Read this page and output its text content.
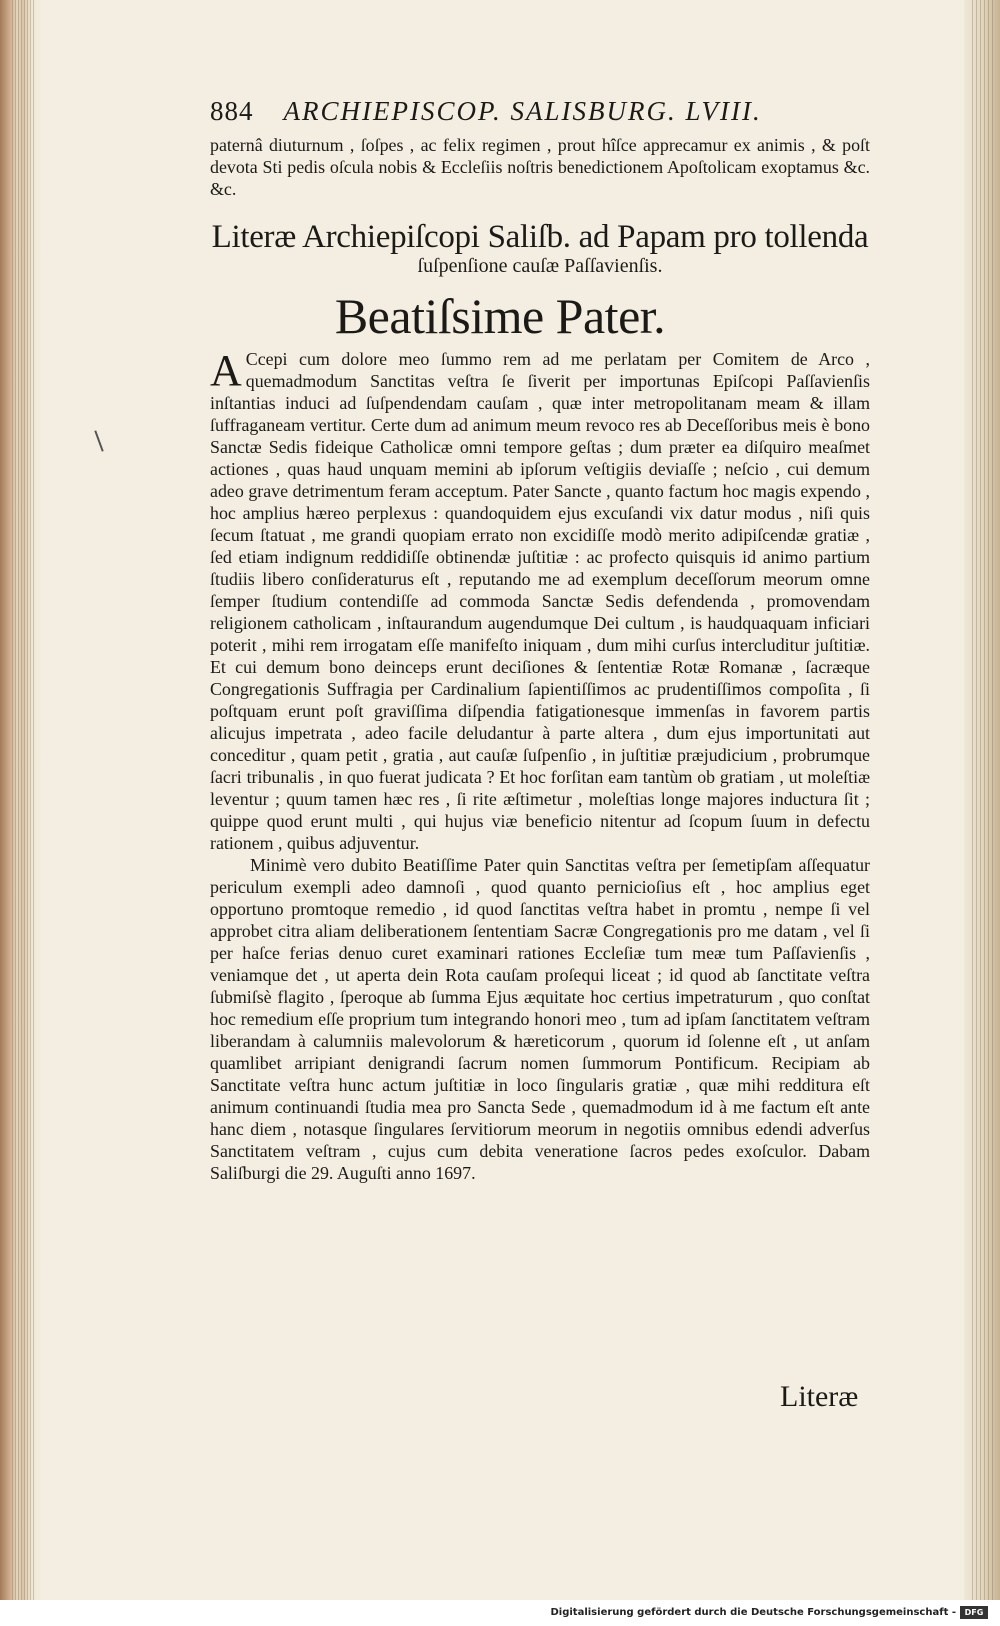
884 ARCHIEPISCOP. SALISBURG. LVIII.

paternâ diuturnum , ſoſpes , ac felix regimen , prout hîſce apprecamur ex animis , & poſt devota Sti pedis oſcula nobis & Eccleſiis noſtris benedictionem Apoſtolicam exoptamus &c. &c.

Literæ Archiepiſcopi Saliſb. ad Papam pro tollenda
ſuſpenſione cauſæ Paſſavienſis.
Beatiſsime Pater.

A Ccepi cum dolore meo ſummo rem ad me perlatam per Comitem de Arco , quemadmodum Sanctitas veſtra ſe ſiverit per importunas Epiſcopi Paſſavienſis inſtantias induci ad ſuſpendendam cauſam , quæ inter metropolitanam meam & illam ſuffraganeam vertitur. Certe dum ad animum meum revoco res ab Deceſſoribus meis è bono Sanctæ Sedis fideique Catholicæ omni tempore geſtas ; dum præter ea diſquiro meaſmet actiones , quas haud unquam memini ab ipſorum veſtigiis deviaſſe ; neſcio , cui demum adeo grave detrimentum feram acceptum. Pater Sancte , quanto factum hoc magis expendo , hoc amplius hæreo perplexus : quandoquidem ejus excuſandi vix datur modus , niſi quis ſecum ſtatuat , me grandi quopiam errato non excidiſſe modò merito adipiſcendæ gratiæ , ſed etiam indignum reddidiſſe obtinendæ juſtitiæ : ac profecto quisquis id animo partium ſtudiis libero conſideraturus eſt , reputando me ad exemplum deceſſorum meorum omne ſemper ſtudium contendiſſe ad commoda Sanctæ Sedis defendenda , promovendam religionem catholicam , inſtaurandum augendumque Dei cultum , is haudquaquam inficiari poterit , mihi rem irrogatam eſſe manifeſto iniquam , dum mihi curſus intercluditur juſtitiæ. Et cui demum bono deinceps erunt deciſiones & ſententiæ Rotæ Romanæ , ſacræque Congregationis Suffragia per Cardinalium ſapientiſſimos ac prudentiſſimos compoſita , ſi poſtquam erunt poſt graviſſima diſpendia fatigationesque immenſas in favorem partis alicujus impetrata , adeo facile deludantur à parte altera , dum ejus importunitati aut conceditur , quam petit , gratia , aut cauſæ ſuſpenſio , in juſtitiæ præjudicium , probrumque ſacri tribunalis , in quo fuerat judicata ? Et hoc forſitan eam tantùm ob gratiam , ut moleſtiæ leventur ; quum tamen hæc res , ſi rite æſtimetur , moleſtias longe majores inductura ſit ; quippe quod erunt multi , qui hujus viæ beneficio nitentur ad ſcopum ſuum in defectu rationem , quibus adjuventur.

Minimè vero dubito Beatiſſime Pater quin Sanctitas veſtra per ſemetipſam aſſequatur periculum exempli adeo damnoſi , quod quanto pernicioſius eſt , hoc amplius eget opportuno promtoque remedio , id quod ſanctitas veſtra habet in promtu , nempe ſi vel approbet citra aliam deliberationem ſententiam Sacræ Congregationis pro me datam , vel ſi per haſce ferias denuo curet examinari rationes Eccleſiæ tum meæ tum Paſſavienſis , veniamque det , ut aperta dein Rota cauſam proſequi liceat ; id quod ab ſanctitate veſtra ſubmiſsè flagito , ſperoque ab ſumma Ejus æquitate hoc certius impetraturum , quo conſtat hoc remedium eſſe proprium tum integrando honori meo , tum ad ipſam ſanctitatem veſtram liberandam à calumniis malevolorum & hæreticorum , quorum id ſolenne eſt , ut anſam quamlibet arripiant denigrandi ſacrum nomen ſummorum Pontificum. Recipiam ab Sanctitate veſtra hunc actum juſtitiæ in loco ſingularis gratiæ , quæ mihi redditura eſt animum continuandi ſtudia mea pro Sancta Sede , quemadmodum id à me factum eſt ante hanc diem , notasque ſingulares ſervitiorum meorum in negotiis omnibus edendi adverſus Sanctitatem veſtram , cujus cum debita veneratione ſacros pedes exoſculor. Dabam Saliſburgi die 29. Auguſti anno 1697.

Literæ
Digitalisierung gefördert durch die Deutsche Forschungsgemeinschaft -	DFG
